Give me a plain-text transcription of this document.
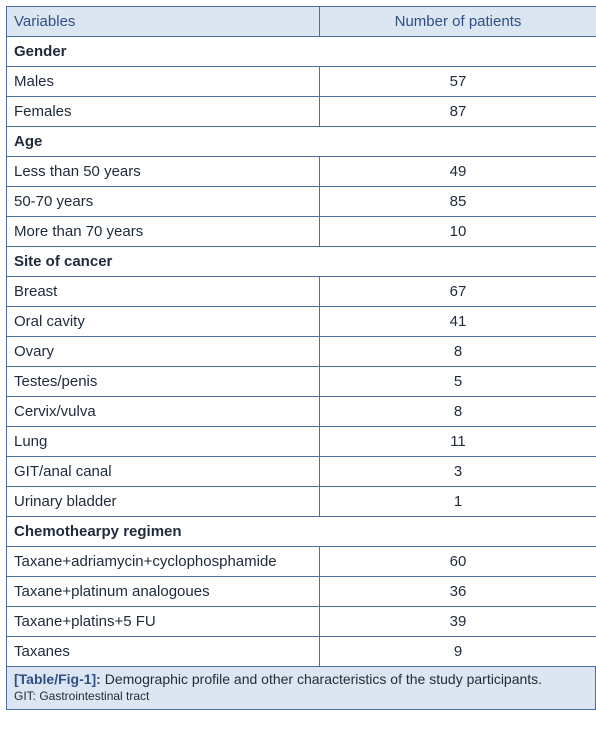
Variables	Number of patients
Gender	
Males	57
Females	87
Age	
Less than 50 years	49
50-70 years	85
More than 70 years	10
Site of cancer	
Breast	67
Oral cavity	41
Ovary	8
Testes/penis	5
Cervix/vulva	8
Lung	11
GIT/anal canal	3
Urinary bladder	1
Chemothearpy regimen	
Taxane+adriamycin+cyclophosphamide	60
Taxane+platinum analogoues	36
Taxane+platins+5 FU	39
Taxanes	9
[Table/Fig-1]: Demographic profile and other characteristics of the study participants.
GIT: Gastrointestinal tract
